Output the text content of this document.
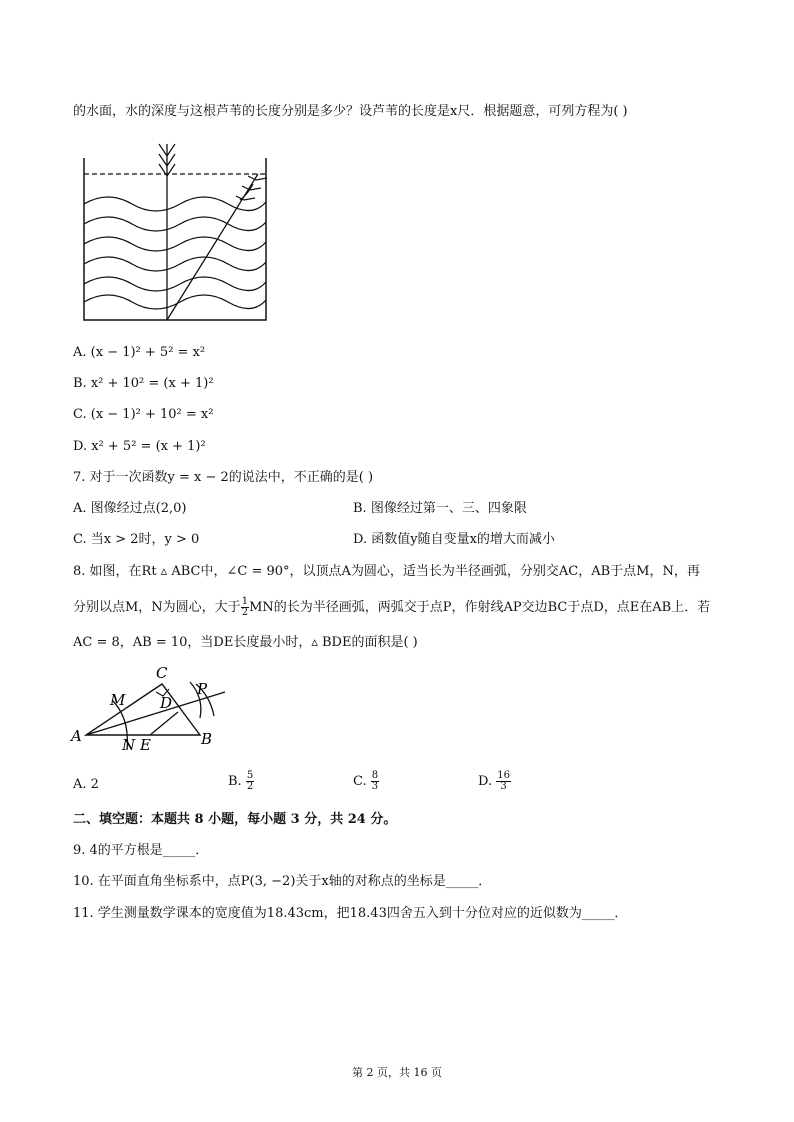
的水面，水的深度与这根芦苇的长度分别是多少？设芦苇的长度是x尺．根据题意，可列方程为( )
A. (x − 1)² + 5² = x²
B. x² + 10² = (x + 1)²
C. (x − 1)² + 10² = x²
D. x² + 5² = (x + 1)²
7. 对于一次函数y = x − 2的说法中，不正确的是( )
A. 图像经过点(2,0)	B. 图像经过第一、三、四象限
C. 当x > 2时，y > 0	D. 函数值y随自变量x的增大而减小
8. 如图，在Rt ▵ ABC中，∠C = 90°，以顶点A为圆心，适当长为半径画弧，分别交AC，AB于点M，N，再
分别以点M，N为圆心，大于 $\frac{1}{2}$ MN的长为半径画弧，两弧交于点P，作射线AP交边BC于点D，点E在AB上．若
AC = 8，AB = 10，当DE长度最小时，▵ BDE的面积是( )
C
P
M D
A	N E	B
A. 2	B. $\frac{5}{2}$	C. $\frac{8}{3}$	D. $\frac{16}{3}$
二、填空题：本题共 8 小题，每小题 3 分，共 24 分。
9. 4的平方根是_____．
10. 在平面直角坐标系中，点P(3, −2)关于x轴的对称点的坐标是_____．
11. 学生测量数学课本的宽度值为18.43cm，把18.43四舍五入到十分位对应的近似数为_____．
第 2 页，共 16 页
